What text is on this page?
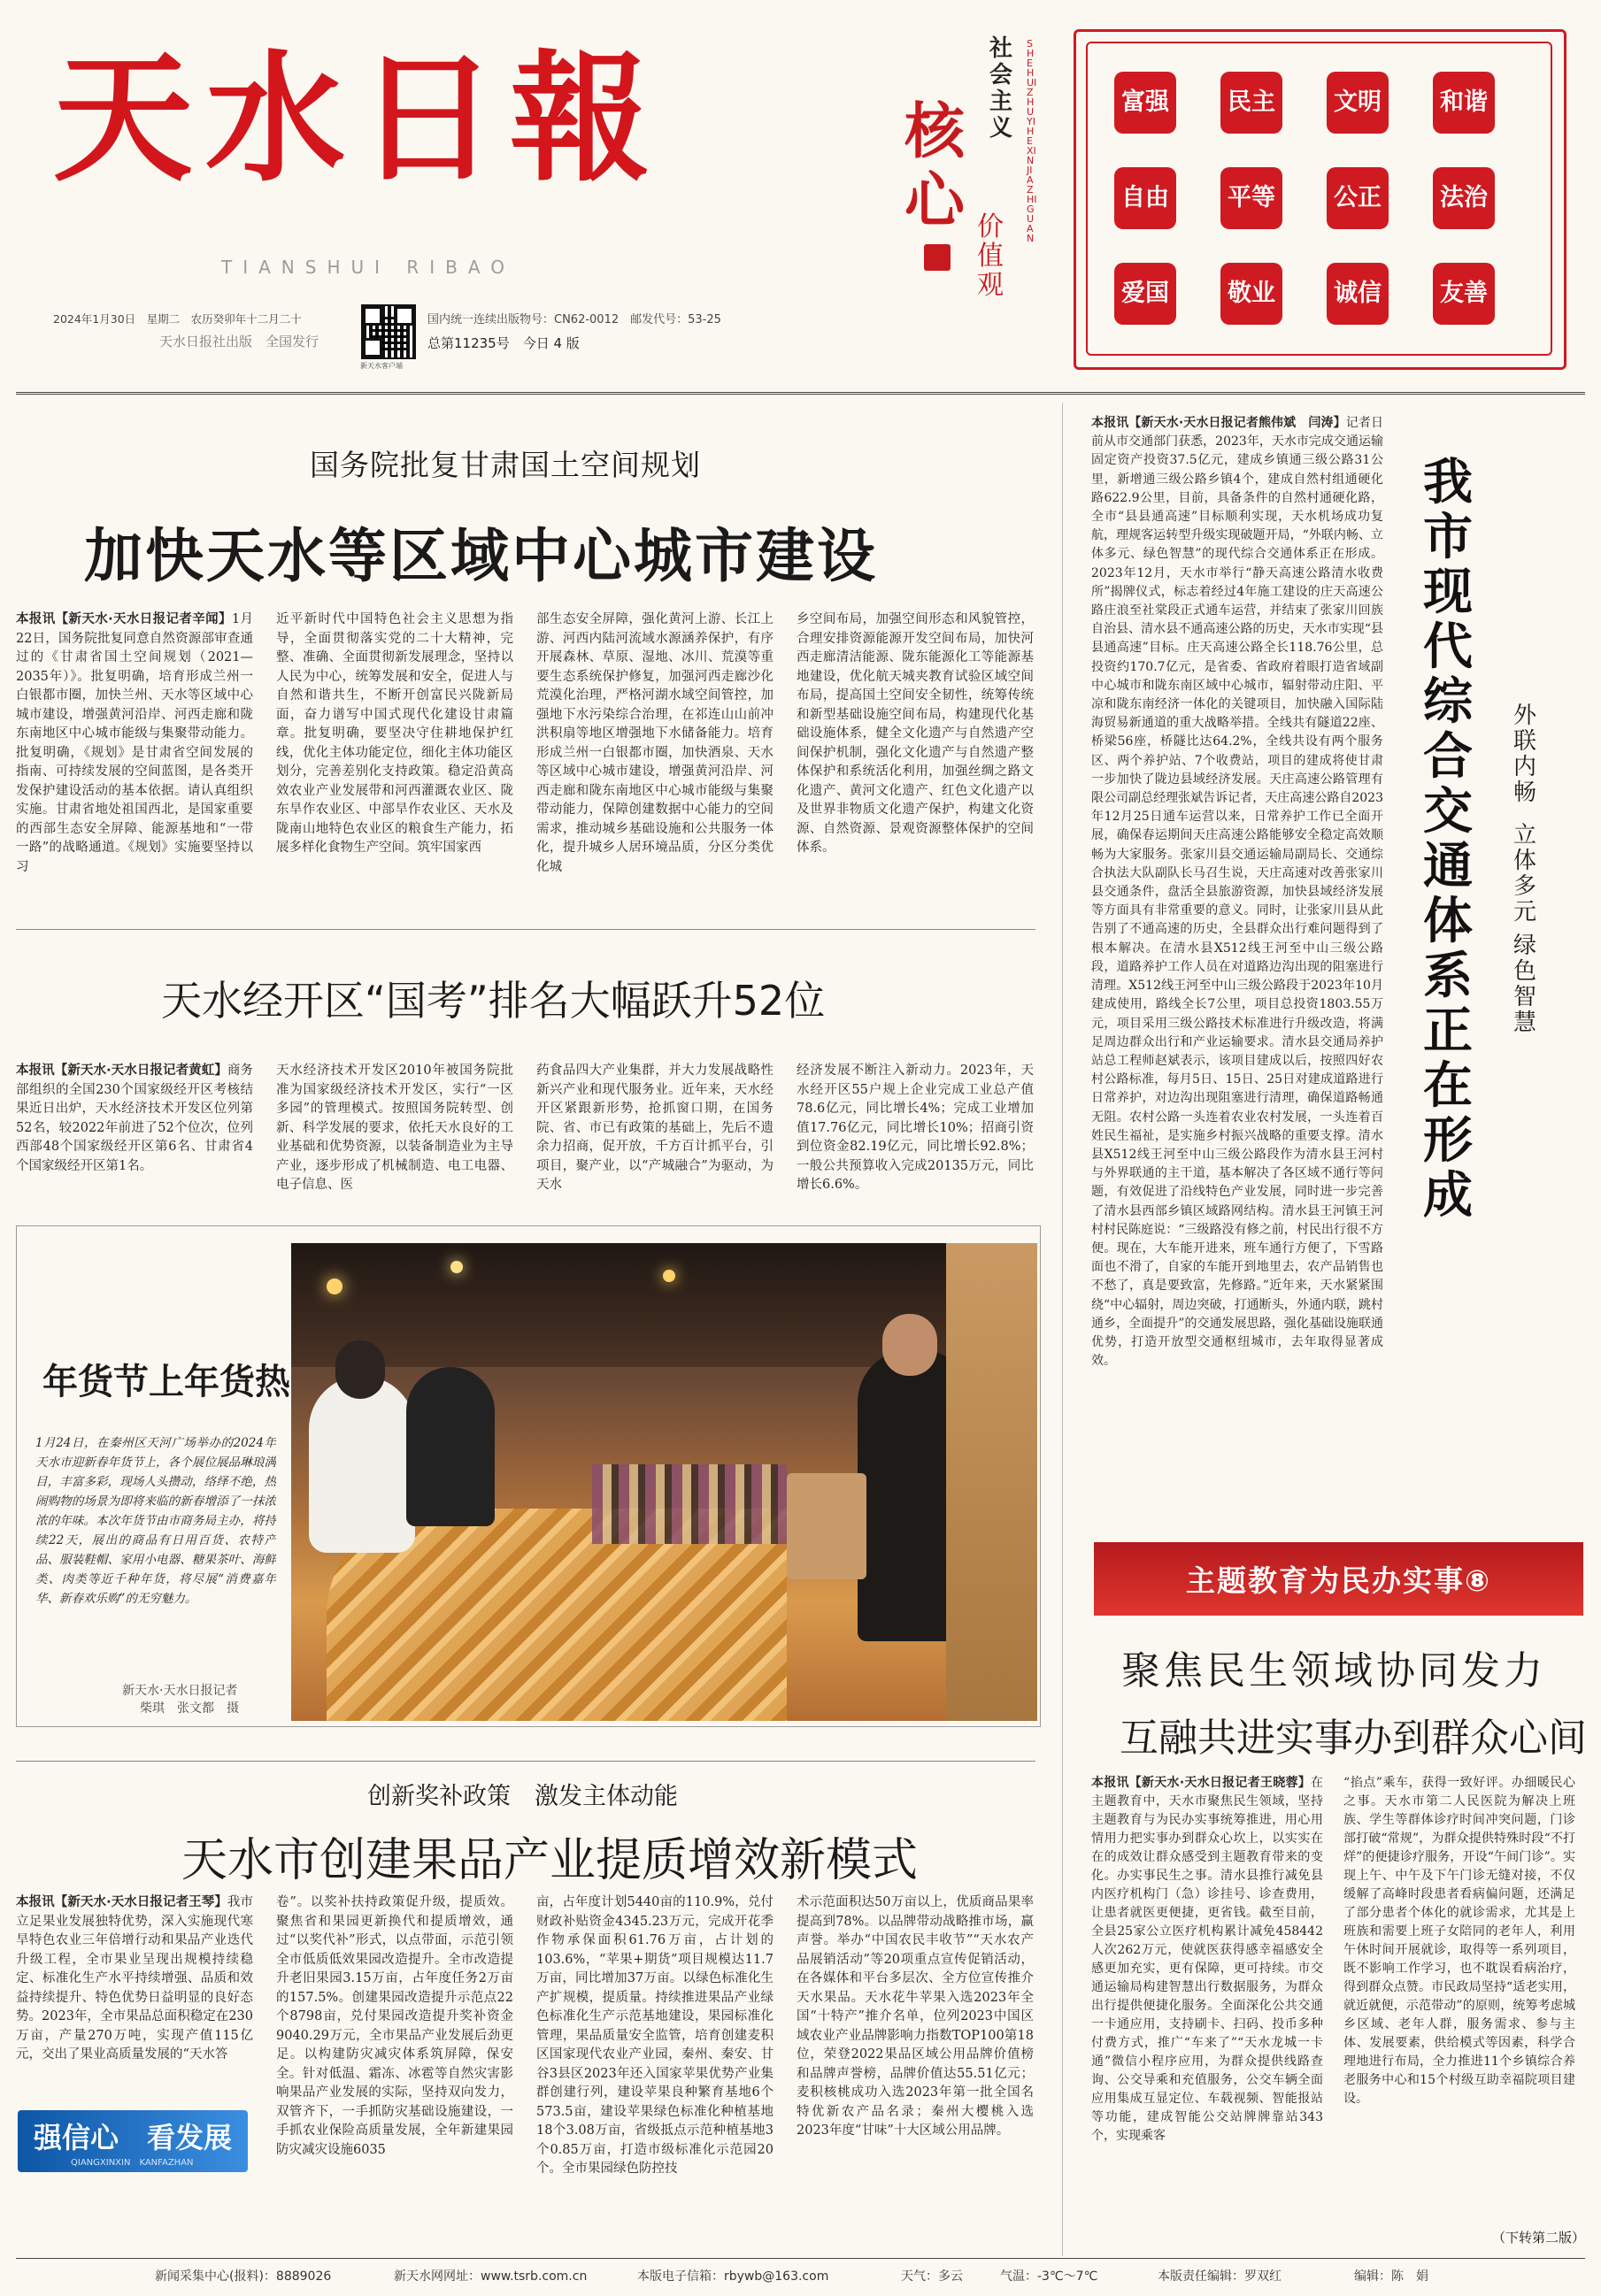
天水日報
TIANSHUI RIBAO
2024年1月30日　星期二　农历癸卯年十二月二十
天水日报社出版　全国发行
新天水客户端
国内统一连续出版物号：CN62-0012　邮发代号：53-25
总第11235号　今日 4 版
社会主义
核心 价值观
SHE HUI ZHU YI HE XIN JIA ZHI GUAN
富强 民主 文明 和谐
自由 平等 公正 法治
爱国 敬业 诚信 友善
国务院批复甘肃国土空间规划
加快天水等区域中心城市建设
本报讯【新天水·天水日报记者辛闻】1月22日，国务院批复同意自然资源部审查通过的《甘肃省国土空间规划（2021—2035年）》。批复明确，培育形成兰州一白银都市圈，加快兰州、天水等区域中心城市建设，增强黄河沿岸、河西走廊和陇东南地区中心城市能级与集聚带动能力。批复明确，《规划》是甘肃省空间发展的指南、可持续发展的空间蓝图，是各类开发保护建设活动的基本依据。请认真组织实施。甘肃省地处祖国西北，是国家重要的西部生态安全屏障、能源基地和“一带一路”的战略通道。《规划》实施要坚持以习
近平新时代中国特色社会主义思想为指导，全面贯彻落实党的二十大精神，完整、准确、全面贯彻新发展理念，坚持以人民为中心，统筹发展和安全，促进人与自然和谐共生，不断开创富民兴陇新局面，奋力谱写中国式现代化建设甘肃篇章。批复明确，要坚决守住耕地保护红线，优化主体功能定位，细化主体功能区划分，完善差别化支持政策。稳定沿黄高效农业产业发展带和河西灌溉农业区、陇东旱作农业区、中部旱作农业区、天水及陇南山地特色农业区的粮食生产能力，拓展多样化食物生产空间。筑牢国家西
部生态安全屏障，强化黄河上游、长江上游、河西内陆河流域水源涵养保护，有序开展森林、草原、湿地、冰川、荒漠等重要生态系统保护修复，加强河西走廊沙化荒漠化治理，严格河湖水域空间管控，加强地下水污染综合治理，在祁连山山前冲洪积扇等地区增强地下水储备能力。培育形成兰州一白银都市圈，加快酒泉、天水等区域中心城市建设，增强黄河沿岸、河西走廊和陇东南地区中心城市能级与集聚带动能力，保障创建数据中心能力的空间需求，推动城乡基础设施和公共服务一体化，提升城乡人居环境品质，分区分类优化城
乡空间布局，加强空间形态和风貌管控，合理安排资源能源开发空间布局，加快河西走廊清洁能源、陇东能源化工等能源基地建设，优化航天城夹教育试验区域空间布局，提高国土空间安全韧性，统筹传统和新型基础设施空间布局，构建现代化基础设施体系，健全文化遗产与自然遗产空间保护机制，强化文化遗产与自然遗产整体保护和系统活化利用，加强丝绸之路文化遗产、黄河文化遗产、红色文化遗产以及世界非物质文化遗产保护，构建文化资源、自然资源、景观资源整体保护的空间体系。
天水经开区“国考”排名大幅跃升52位
本报讯【新天水·天水日报记者黄虹】商务部组织的全国230个国家级经开区考核结果近日出炉，天水经济技术开发区位列第52名，较2022年前进了52个位次，位列西部48个国家级经开区第6名、甘肃省4个国家级经开区第1名。
天水经济技术开发区2010年被国务院批准为国家级经济技术开发区，实行“一区多园”的管理模式。按照国务院转型、创新、科学发展的要求，依托天水良好的工业基础和优势资源，以装备制造业为主导产业，逐步形成了机械制造、电工电器、电子信息、医
药食品四大产业集群，并大力发展战略性新兴产业和现代服务业。近年来，天水经开区紧跟新形势，抢抓窗口期，在国务院、省、市已有政策的基础上，先后不遗余力招商，促开放，千方百计抓平台，引项目，聚产业，以“产城融合”为驱动，为天水
经济发展不断注入新动力。2023年，天水经开区55户规上企业完成工业总产值78.6亿元，同比增长4%；完成工业增加值17.76亿元，同比增长10%；招商引资到位资金82.19亿元，同比增长92.8%；一般公共预算收入完成20135万元，同比增长6.6%。
年货节上年货热
1月24日，在秦州区天河广场举办的2024年天水市迎新春年货节上，各个展位展品琳琅满目，丰富多彩，现场人头攒动，络绎不绝，热闹购物的场景为即将来临的新春增添了一抹浓浓的年味。本次年货节由市商务局主办，将持续22天，展出的商品有日用百货、农特产品、服装鞋帽、家用小电器、糖果茶叶、海鲜类、肉类等近千种年货，将尽展“消费嘉年华、新春欢乐购”的无穷魅力。
新天水·天水日报记者
柴琪　张文都　摄
创新奖补政策　激发主体动能
天水市创建果品产业提质增效新模式
本报讯【新天水·天水日报记者王琴】我市立足果业发展独特优势，深入实施现代寒旱特色农业三年倍增行动和果品产业迭代升级工程，全市果业呈现出规模持续稳定、标准化生产水平持续增强、品质和效益持续提升、特色优势日益明显的良好态势。2023年，全市果品总面积稳定在230万亩，产量270万吨，实现产值115亿元，交出了果业高质量发展的“天水答
卷”。以奖补扶持政策促升级，提质效。聚焦省和果园更新换代和提质增效，通过“以奖代补”形式，以点带面，示范引领全市低质低效果园改造提升。全市改造提升老旧果园3.15万亩，占年度任务2万亩的157.5%。创建果园改造提升示范点22个8798亩，兑付果园改造提升奖补资金9040.29万元，全市果品产业发展后劲更足。以构建防灾减灾体系筑屏障，保安全。针对低温、霜冻、冰雹等自然灾害影响果品产业发展的实际，坚持双向发力，双管齐下，一手抓防灾基础设施建设，一手抓农业保险高质量发展，全年新建果园防灾减灾设施6035
亩，占年度计划5440亩的110.9%，兑付财政补贴资金4345.23万元，完成开花季作物承保面积61.76万亩，占计划的103.6%，“苹果+期货”项目规模达11.7万亩，同比增加37万亩。以绿色标准化生产扩规模，提质量。持续推进果品产业绿色标准化生产示范基地建设，果园标准化管理，果品质量安全监管，培育创建麦积区国家现代农业产业园，秦州、秦安、甘谷3县区2023年还入国家苹果优势产业集群创建行列，建设苹果良种繁育基地6个573.5亩，建设苹果绿色标准化种植基地18个3.08万亩，省级抵点示范种植基地3个0.85万亩，打造市级标准化示范园20个。全市果园绿色防控技
术示范面积达50万亩以上，优质商品果率提高到78%。以品牌带动战略推市场，赢声誉。举办“中国农民丰收节”“天水农产品展销活动”等20项重点宣传促销活动，在各媒体和平台多层次、全方位宣传推介天水果品。天水花牛苹果入选2023年全国“十特产”推介名单，位列2023中国区域农业产业品牌影响力指数TOP100第18位，荣登2022果品区域公用品牌价值榜和品牌声誉榜，品牌价值达55.51亿元；麦积核桃成功入选2023年第一批全国名特优新农产品名录；秦州大樱桃入选2023年度“甘味”十大区域公用品牌。
强信心　看发展
QIANGXINXIN　KANFAZHAN
本报讯【新天水·天水日报记者熊伟斌　闫涛】记者日前从市交通部门获悉，2023年，天水市完成交通运输固定资产投资37.5亿元，建成乡镇通三级公路31公里，新增通三级公路乡镇4个，建成自然村组通硬化路622.9公里，目前，具备条件的自然村通硬化路，全市“县县通高速”目标顺利实现，天水机场成功复航，理规客运转型升级实现破题开局，“外联内畅、立体多元、绿色智慧”的现代综合交通体系正在形成。2023年12月，天水市举行“静天高速公路清水收费所”揭牌仪式，标志着经过4年施工建设的庄天高速公路庄浪至社棠段正式通车运营，并结束了张家川回族自治县、清水县不通高速公路的历史，天水市实现“县县通高速”目标。庄天高速公路全长118.76公里，总投资约170.7亿元，是省委、省政府着眼打造省域副中心城市和陇东南区域中心城市，辐射带动庄阳、平凉和陇东南经济一体化的关键项目，加快融入国际陆海贸易新通道的重大战略举措。全线共有隧道22座、桥梁56座，桥隧比达64.2%，全线共设有两个服务区、两个养护站、7个收费站，项目的建成将使甘肃一步加快了陇边县域经济发展。天庄高速公路管理有限公司副总经理张斌告诉记者，天庄高速公路自2023年12月25日通车运营以来，日常养护工作已全面开展，确保春运期间天庄高速公路能够安全稳定高效顺畅为大家服务。张家川县交通运输局副局长、交通综合执法大队副队长马召生说，天庄高速对改善张家川县交通条件，盘活全县旅游资源，加快县域经济发展等方面具有非常重要的意义。同时，让张家川县从此告别了不通高速的历史，全县群众出行难问题得到了根本解决。在清水县X512线王河至中山三级公路段，道路养护工作人员在对道路边沟出现的阻塞进行清理。X512线王河至中山三级公路段于2023年10月建成使用，路线全长7公里，项目总投资1803.55万元，项目采用三级公路技术标准进行升级改造，将满足周边群众出行和产业运输要求。清水县交通局养护站总工程师赵斌表示，该项目建成以后，按照四好农村公路标准，每月5日、15日、25日对建成道路进行日常养护，对边沟出现阻塞进行清理，确保道路畅通无阻。农村公路一头连着农业农村发展，一头连着百姓民生福祉，是实施乡村振兴战略的重要支撑。清水县X512线王河至中山三级公路段作为清水县王河村与外界联通的主干道，基本解决了各区域不通行等问题，有效促进了沿线特色产业发展，同时进一步完善了清水县西部乡镇区域路网结构。清水县王河镇王河村村民陈庭说：“三级路没有修之前，村民出行很不方便。现在，大车能开进来，班车通行方便了，下雪路面也不滑了，自家的车能开到地里去，农产品销售也不愁了，真是要致富，先修路。”近年来，天水紧紧围绕“中心辐射，周边突破，打通断头，外通内联，跳村通乡，全面提升”的交通发展思路，强化基础设施联通优势，打造开放型交通枢纽城市，去年取得显著成效。
我市现代综合交通体系正在形成
外联内畅
立体多元
绿色智慧
主题教育为民办实事⑧
聚焦民生领域协同发力
互融共进实事办到群众心间
本报讯【新天水·天水日报记者王晓蓉】在主题教育中，天水市聚焦民生领域，坚持主题教育与为民办实事统筹推进，用心用情用力把实事办到群众心坎上，以实实在在的成效让群众感受到主题教育带来的变化。办实事民生之事。清水县推行减免县内医疗机构门（急）诊挂号、诊查费用，让患者就医更便捷，更省钱。截至目前，全县25家公立医疗机构累计减免458442人次262万元，使就医获得感幸福感安全感更加充实，更有保障，更可持续。市交通运输局构建智慧出行数据服务，为群众出行提供便捷化服务。全面深化公共交通一卡通应用，支持刷卡、扫码、投币多种付费方式，推广“车来了”“天水龙城一卡通”微信小程序应用，为群众提供线路查询、公交导乘和充值服务，公交车辆全面应用集成互显定位、车载视频、智能报站等功能，建成智能公交站牌牌靠站343个，实现乘客
“掐点”乘车，获得一致好评。办细暖民心之事。天水市第二人民医院为解决上班族、学生等群体诊疗时间冲突问题，门诊部打破“常规”，为群众提供特殊时段“不打烊”的便捷诊疗服务，开设“午间门诊”。实现上午、中午及下午门诊无缝对接，不仅缓解了高峰时段患者看病偏问题，还满足了部分患者个体化的就诊需求，尤其是上班族和需要上班子女陪同的老年人，利用午休时间开展就诊，取得等一系列项目，既不影响工作学习，也不耽误看病治疗，得到群众点赞。市民政局坚持“适老实用，就近就便，示范带动”的原则，统筹考虑城乡区域、老年人群，服务需求、参与主体、发展要素，供给模式等因素，科学合理地进行布局，全力推进11个乡镇综合养老服务中心和15个村级互助幸福院项目建设。
（下转第二版）
新闻采集中心(报料)：8889026	新天水网网址：www.tsrb.com.cn	本版电子信箱：rbywb@163.com	天气：多云	气温：-3℃～7℃	本版责任编辑：罗双红	编辑：陈　娟
